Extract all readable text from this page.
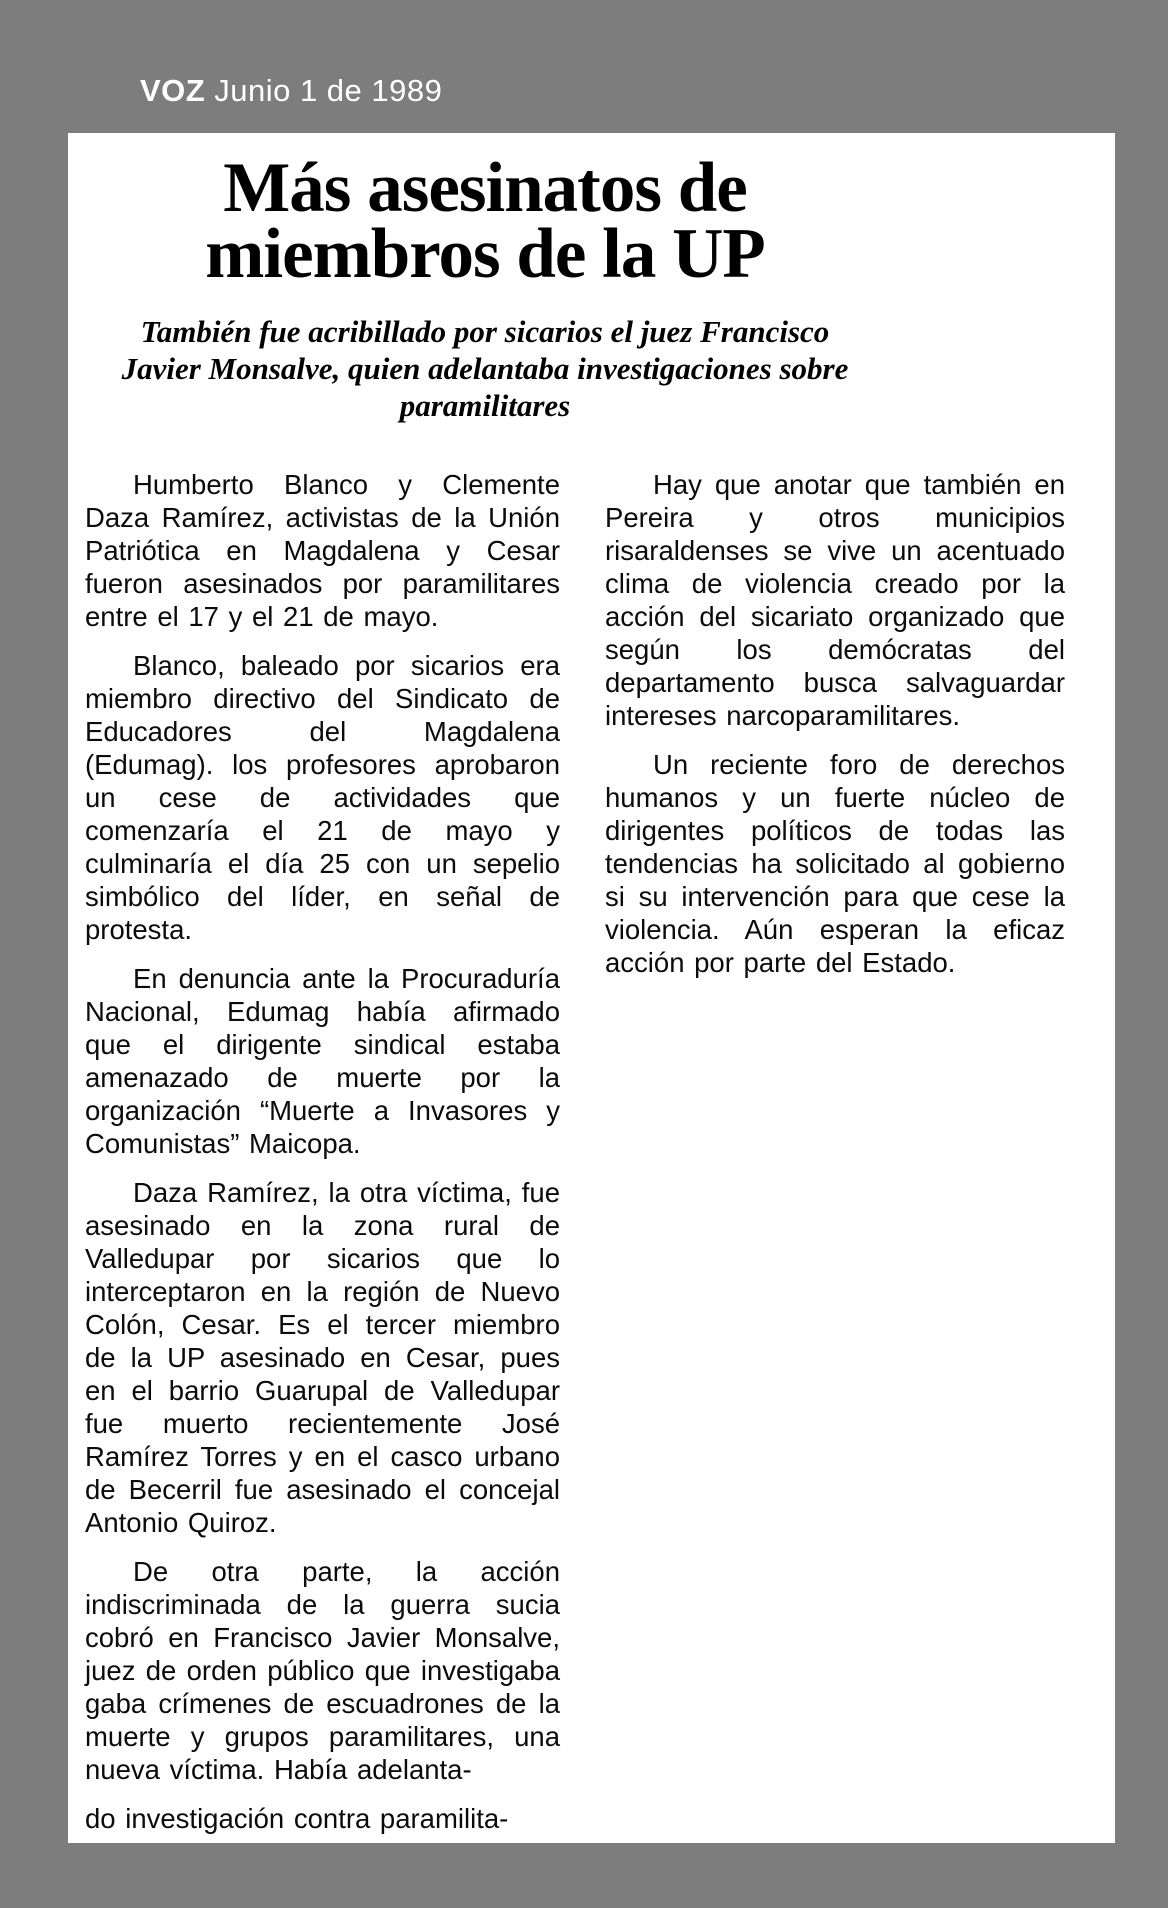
VOZ Junio 1 de 1989
Más asesinatos de
miembros de la UP

También fue acribillado por sicarios el juez Francisco Javier Monsalve, quien adelantaba investigaciones sobre paramilitares

Humberto Blanco y Clemente Daza Ramírez, activistas de la Unión Patriótica en Magdalena y Cesar fueron asesinados por paramilitares entre el 17 y el 21 de mayo.

Blanco, baleado por sicarios era miembro directivo del Sindicato de Educadores del Magdalena (Edumag). los profesores aprobaron un cese de actividades que comenzaría el 21 de mayo y culminaría el día 25 con un sepelio simbólico del líder, en señal de protesta.

En denuncia ante la Procuraduría Nacional, Edumag había afirmado que el dirigente sindical estaba amenazado de muerte por la organización “Muerte a Invasores y Comunistas” Maicopa.

Daza Ramírez, la otra víctima, fue asesinado en la zona rural de Valledupar por sicarios que lo interceptaron en la región de Nuevo Colón, Cesar. Es el tercer miembro de la UP asesinado en Cesar, pues en el barrio Guarupal de Valledupar fue muerto recientemente José Ramírez Torres y en el casco urbano de Becerril fue asesinado el concejal Antonio Quiroz.

De otra parte, la acción indiscriminada de la guerra sucia cobró en Francisco Javier Monsalve, juez de orden público que investigaba gaba crímenes de escuadrones de la muerte y grupos paramilitares, una nueva víctima. Había adelanta-

do investigación contra paramilita-

Hay que anotar que también en Pereira y otros municipios risaraldenses se vive un acentuado clima de violencia creado por la acción del sicariato organizado que según los demócratas del departamento busca salvaguardar intereses narcoparamilitares.

Un reciente foro de derechos humanos y un fuerte núcleo de dirigentes políticos de todas las tendencias ha solicitado al gobierno si su intervención para que cese la violencia. Aún esperan la eficaz acción por parte del Estado.
